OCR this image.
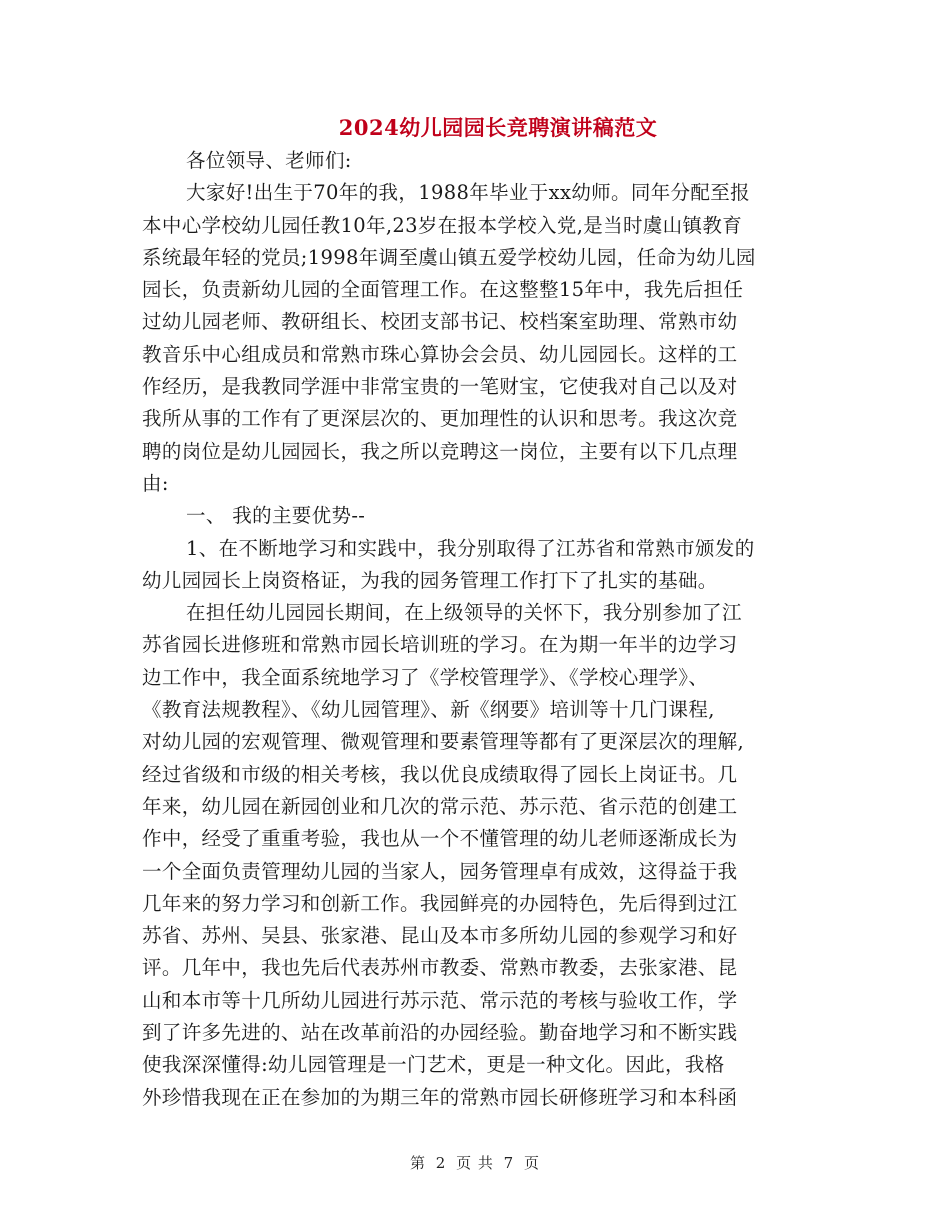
2024幼儿园园长竞聘演讲稿范文
各位领导、老师们:
大家好!出生于70年的我，1988年毕业于xx幼师。同年分配至报
本中心学校幼儿园任教10年,23岁在报本学校入党,是当时虞山镇教育
系统最年轻的党员;1998年调至虞山镇五爱学校幼儿园，任命为幼儿园
园长，负责新幼儿园的全面管理工作。在这整整15年中，我先后担任
过幼儿园老师、教研组长、校团支部书记、校档案室助理、常熟市幼
教音乐中心组成员和常熟市珠心算协会会员、幼儿园园长。这样的工
作经历，是我教同学涯中非常宝贵的一笔财宝，它使我对自己以及对
我所从事的工作有了更深层次的、更加理性的认识和思考。我这次竞
聘的岗位是幼儿园园长，我之所以竞聘这一岗位，主要有以下几点理
由:
一、 我的主要优势--
1、在不断地学习和实践中，我分别取得了江苏省和常熟市颁发的
幼儿园园长上岗资格证，为我的园务管理工作打下了扎实的基础。
在担任幼儿园园长期间，在上级领导的关怀下，我分别参加了江
苏省园长进修班和常熟市园长培训班的学习。在为期一年半的边学习
边工作中，我全面系统地学习了《学校管理学》、《学校心理学》、
《教育法规教程》、《幼儿园管理》、新《纲要》培训等十几门课程,
对幼儿园的宏观管理、微观管理和要素管理等都有了更深层次的理解,
经过省级和市级的相关考核，我以优良成绩取得了园长上岗证书。几
年来，幼儿园在新园创业和几次的常示范、苏示范、省示范的创建工
作中，经受了重重考验，我也从一个不懂管理的幼儿老师逐渐成长为
一个全面负责管理幼儿园的当家人，园务管理卓有成效，这得益于我
几年来的努力学习和创新工作。我园鲜亮的办园特色，先后得到过江
苏省、苏州、吴县、张家港、昆山及本市多所幼儿园的参观学习和好
评。几年中，我也先后代表苏州市教委、常熟市教委，去张家港、昆
山和本市等十几所幼儿园进行苏示范、常示范的考核与验收工作，学
到了许多先进的、站在改革前沿的办园经验。勤奋地学习和不断实践
使我深深懂得:幼儿园管理是一门艺术，更是一种文化。因此，我格
外珍惜我现在正在参加的为期三年的常熟市园长研修班学习和本科函
第 2 页 共 7 页
